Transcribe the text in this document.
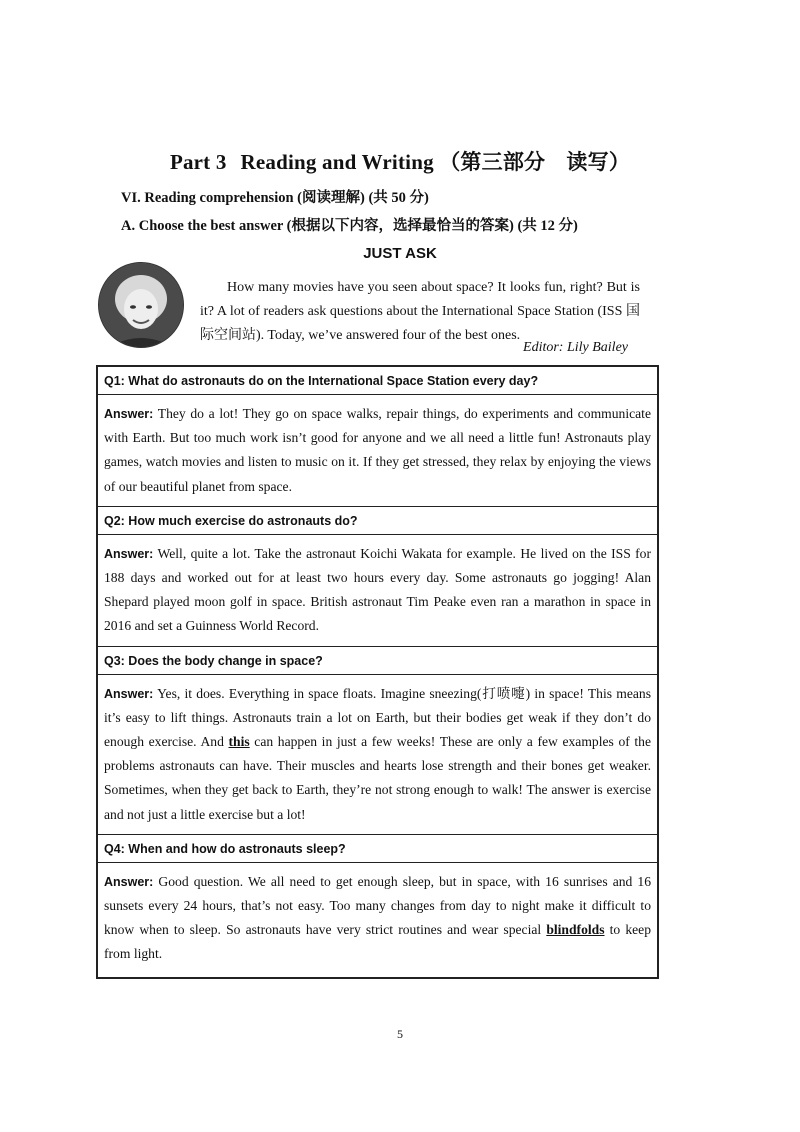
Part 3 Reading and Writing （第三部分　读写）
VI. Reading comprehension (阅读理解) (共 50 分)
A. Choose the best answer (根据以下内容，选择最恰当的答案) (共 12 分)
JUST ASK
How many movies have you seen about space? It looks fun, right? But is it? A lot of readers ask questions about the International Space Station (ISS 国际空间站). Today, we’ve answered four of the best ones.
Editor: Lily Bailey
Q1: What do astronauts do on the International Space Station every day?
Answer: They do a lot! They go on space walks, repair things, do experiments and communicate with Earth. But too much work isn’t good for anyone and we all need a little fun! Astronauts play games, watch movies and listen to music on it. If they get stressed, they relax by enjoying the views of our beautiful planet from space.
Q2: How much exercise do astronauts do?
Answer: Well, quite a lot. Take the astronaut Koichi Wakata for example. He lived on the ISS for 188 days and worked out for at least two hours every day. Some astronauts go jogging! Alan Shepard played moon golf in space. British astronaut Tim Peake even ran a marathon in space in 2016 and set a Guinness World Record.
Q3: Does the body change in space?
Answer: Yes, it does. Everything in space floats. Imagine sneezing(打喷嚏) in space! This means it’s easy to lift things. Astronauts train a lot on Earth, but their bodies get weak if they don’t do enough exercise. And this can happen in just a few weeks! These are only a few examples of the problems astronauts can have. Their muscles and hearts lose strength and their bones get weaker. Sometimes, when they get back to Earth, they’re not strong enough to walk! The answer is exercise and not just a little exercise but a lot!
Q4: When and how do astronauts sleep?
Answer: Good question. We all need to get enough sleep, but in space, with 16 sunrises and 16 sunsets every 24 hours, that’s not easy. Too many changes from day to night make it difficult to know when to sleep. So astronauts have very strict routines and wear special blindfolds to keep from light.
5
